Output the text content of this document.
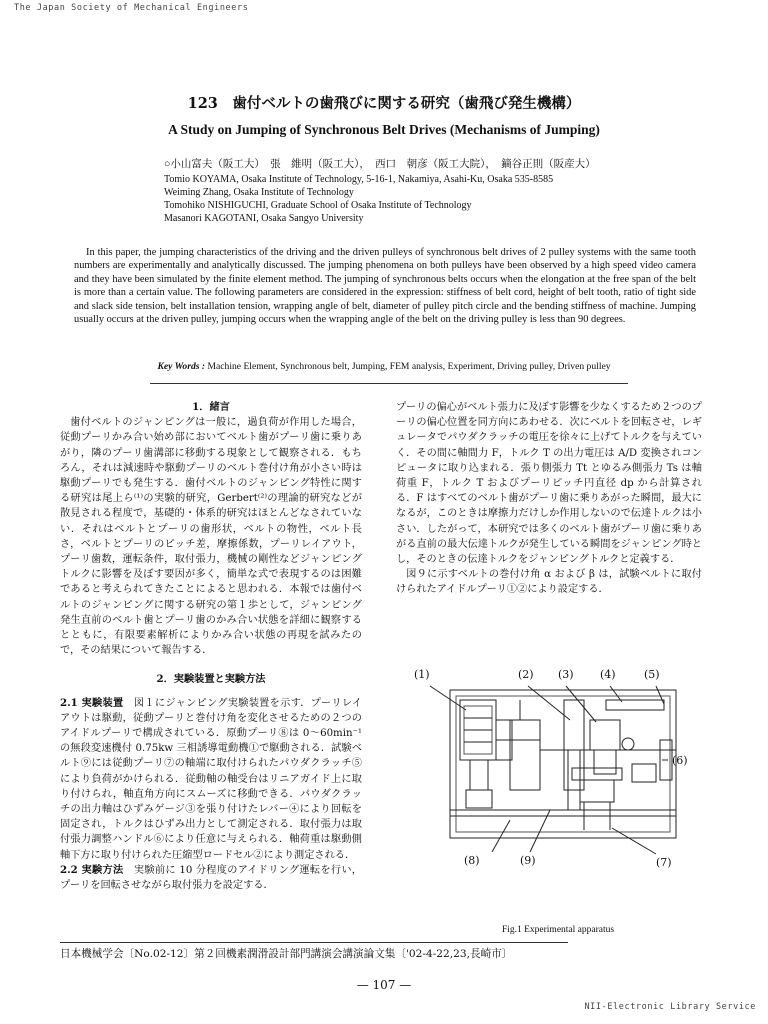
The Japan Society of Mechanical Engineers
123　歯付ベルトの歯飛びに関する研究（歯飛び発生機構）
A Study on Jumping of Synchronous Belt Drives (Mechanisms of Jumping)
○小山富夫（阪工大）　張　維明（阪工大），　西口　朝彦（阪工大院），　鏑谷正則（阪産大）
Tomio KOYAMA, Osaka Institute of Technology, 5-16-1, Nakamiya, Asahi-Ku, Osaka 535-8585
Weiming Zhang, Osaka Institute of Technology
Tomohiko NISHIGUCHI, Graduate School of Osaka Institute of Technology
Masanori KAGOTANI, Osaka Sangyo University
In this paper, the jumping characteristics of the driving and the driven pulleys of synchronous belt drives of 2 pulley systems with the same tooth numbers are experimentally and analytically discussed. The jumping phenomena on both pulleys have been observed by a high speed video camera and they have been simulated by the finite element method. The jumping of synchronous belts occurs when the elongation at the free span of the belt is more than a certain value. The following parameters are considered in the expression: stiffness of belt cord, height of belt tooth, ratio of tight side and slack side tension, belt installation tension, wrapping angle of belt, diameter of pulley pitch circle and the bending stiffness of machine. Jumping usually occurs at the driven pulley, jumping occurs when the wrapping angle of the belt on the driving pulley is less than 90 degrees.
Key Words : Machine Element, Synchronous belt, Jumping, FEM analysis, Experiment, Driving pulley, Driven pulley
1．緒言

歯付ベルトのジャンピングは一般に，過負荷が作用した場合，従動プーリかみ合い始め部においてベルト歯がプーリ歯に乗りあがり，隣のプーリ歯溝部に移動する現象として観察される．もちろん，それは減速時や駆動プーリのベルト巻付け角が小さい時は駆動プーリでも発生する．歯付ベルトのジャンピング特性に関する研究は尾上ら⁽¹⁾の実験的研究，Gerbert⁽²⁾の理論的研究などが散見される程度で，基礎的・体系的研究はほとんどなされていない．それはベルトとプーリの歯形状，ベルトの物性，ベルト長さ，ベルトとプーリのピッチ差，摩擦係数，プーリレイアウト，プーリ歯数，運転条件，取付張力，機械の剛性などジャンピングトルクに影響を及ぼす要因が多く，簡単な式で表現するのは困難であると考えられてきたことによると思われる．本報では歯付ベルトのジャンピングに関する研究の第１歩として，ジャンピング発生直前のベルト歯とプーリ歯のかみ合い状態を詳細に観察するとともに，有限要素解析によりかみ合い状態の再現を試みたので，その結果について報告する．

2．実験装置と実験方法

2.1 実験装置　図１にジャンピング実験装置を示す．プーリレイアウトは駆動，従動プーリと巻付け角を変化させるための２つのアイドルプーリで構成されている．原動プーリ⑧は 0～60min⁻¹ の無段変速機付 0.75kw 三相誘導電動機①で駆動される．試験ベルト⑨には従動プーリ⑦の軸端に取付けられたパウダクラッチ⑤により負荷がかけられる．従動軸の軸受台はリニアガイド上に取り付けられ，軸直角方向にスムーズに移動できる．パウダクラッチの出力軸はひずみゲージ③を張り付けたレバー④により回転を固定され，トルクはひずみ出力として測定される．取付張力は取付張力調整ハンドル⑥により任意に与えられる．軸荷重は駆動側軸下方に取り付けられた圧縮型ロードセル②により測定される．

2.2 実験方法　実験前に 10 分程度のアイドリング運転を行い，プーリを回転させながら取付張力を設定する．

プーリの偏心がベルト張力に及ぼす影響を少なくするため２つのプーリの偏心位置を同方向にあわせる．次にベルトを回転させ，レギュレータでパウダクラッチの電圧を徐々に上げてトルクを与えていく．その間に軸間力 F，トルク T の出力電圧は A/D 変換されコンピュータに取り込まれる．張り側張力 Tt とゆるみ側張力 Ts は軸荷重 F，トルク T およびプーリピッチ円直径 dp から計算される．F はすべてのベルト歯がプーリ歯に乗りあがった瞬間，最大になるが，このときは摩擦力だけしか作用しないので伝達トルクは小さい．したがって，本研究では多くのベルト歯がプーリ歯に乗りあがる直前の最大伝達トルクが発生している瞬間をジャンピング時とし，そのときの伝達トルクをジャンピングトルクと定義する．

図９に示すベルトの巻付け角 α および β は，試験ベルトに取付けられたアイドルプーリ①②により設定する．

(1)	(2) (3) (4)	(5)
(6)
(7)
(8)	(9)
Fig.1 Experimental apparatus
日本機械学会〔No.02-12〕第２回機素潤滑設計部門講演会講演論文集〔'02-4-22,23,長崎市〕
— 107 —
NII-Electronic Library Service
